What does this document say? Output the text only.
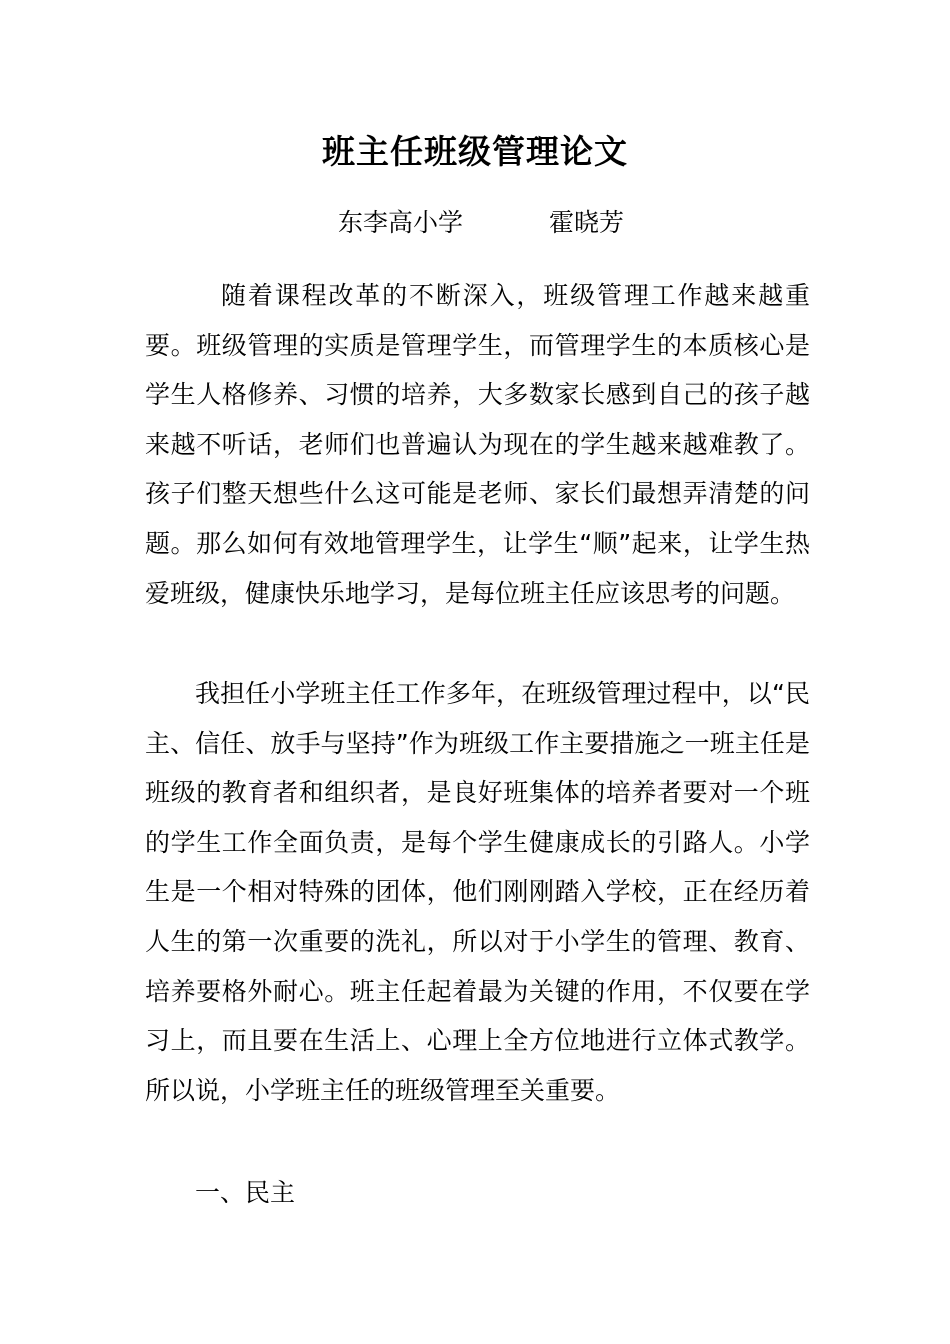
班主任班级管理论文
东李高小学	霍晓芳
随着课程改革的不断深入，班级管理工作越来越重要。班级管理的实质是管理学生，而管理学生的本质核心是学生人格修养、习惯的培养，大多数家长感到自己的孩子越来越不听话，老师们也普遍认为现在的学生越来越难教了。孩子们整天想些什么这可能是老师、家长们最想弄清楚的问题。那么如何有效地管理学生，让学生“顺”起来，让学生热爱班级，健康快乐地学习，是每位班主任应该思考的问题。
我担任小学班主任工作多年，在班级管理过程中，以“民主、信任、放手与坚持”作为班级工作主要措施之一班主任是班级的教育者和组织者，是良好班集体的培养者要对一个班的学生工作全面负责，是每个学生健康成长的引路人。小学生是一个相对特殊的团体，他们刚刚踏入学校，正在经历着人生的第一次重要的洗礼，所以对于小学生的管理、教育、培养要格外耐心。班主任起着最为关键的作用，不仅要在学习上，而且要在生活上、心理上全方位地进行立体式教学。所以说，小学班主任的班级管理至关重要。
一、民主
